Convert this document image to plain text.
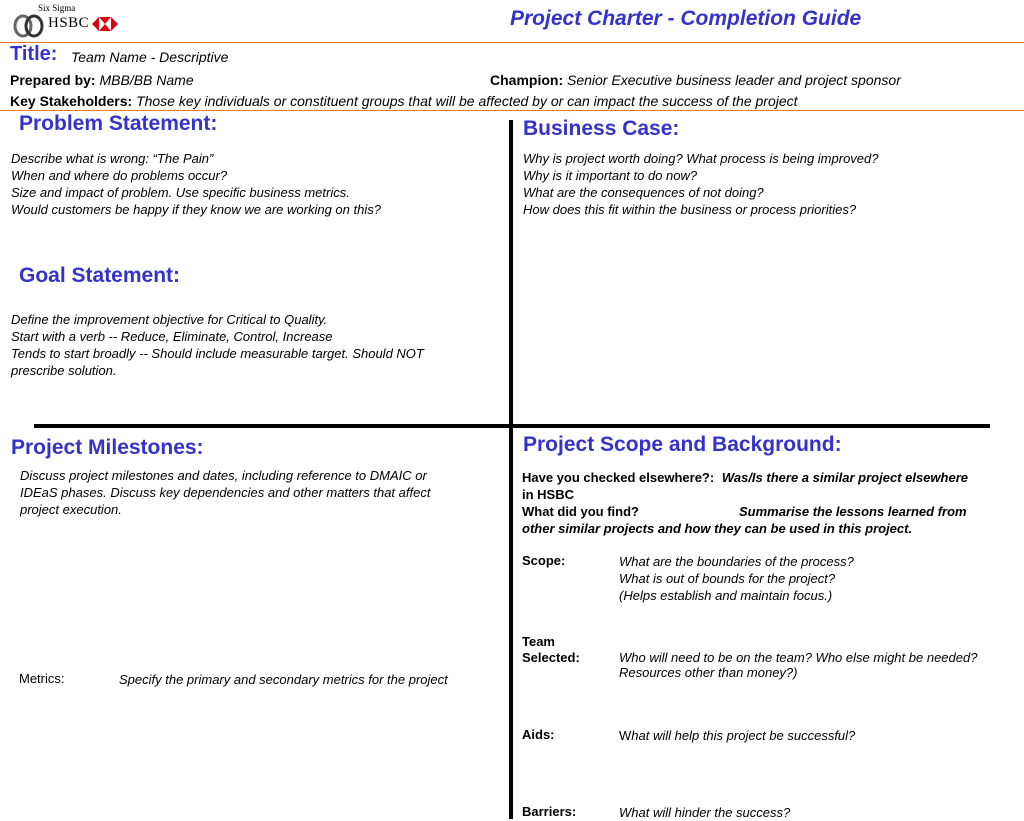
Six Sigma
HSBC	Project Charter - Completion Guide
Title: Team Name - Descriptive
Prepared by: MBB/BB Name	Champion: Senior Executive business leader and project sponsor
Key Stakeholders: Those key individuals or constituent groups that will be affected by or can impact the success of the project
Problem Statement:
Describe what is wrong: “The Pain”
When and where do problems occur?
Size and impact of problem. Use specific business metrics.
Would customers be happy if they know we are working on this?
Goal Statement:
Define the improvement objective for Critical to Quality.
Start with a verb -- Reduce, Eliminate, Control, Increase
Tends to start broadly -- Should include measurable target. Should NOT
prescribe solution.
Business Case:
Why is project worth doing? What process is being improved?
Why is it important to do now?
What are the consequences of not doing?
How does this fit within the business or process priorities?
Project Milestones:
Discuss project milestones and dates, including reference to DMAIC or
IDEaS phases. Discuss key dependencies and other matters that affect
project execution.
Metrics:	Specify the primary and secondary metrics for the project
Project Scope and Background:
Have you checked elsewhere?: Was/Is there a similar project elsewhere
in HSBC
What did you find?	Summarise the lessons learned from
other similar projects and how they can be used in this project.
Scope:	What are the boundaries of the process?
What is out of bounds for the project?
(Helps establish and maintain focus.)
Team
Selected:	Who will need to be on the team? Who else might be needed?
Resources other than money?)
Aids:	What will help this project be successful?
Barriers:	What will hinder the success?
